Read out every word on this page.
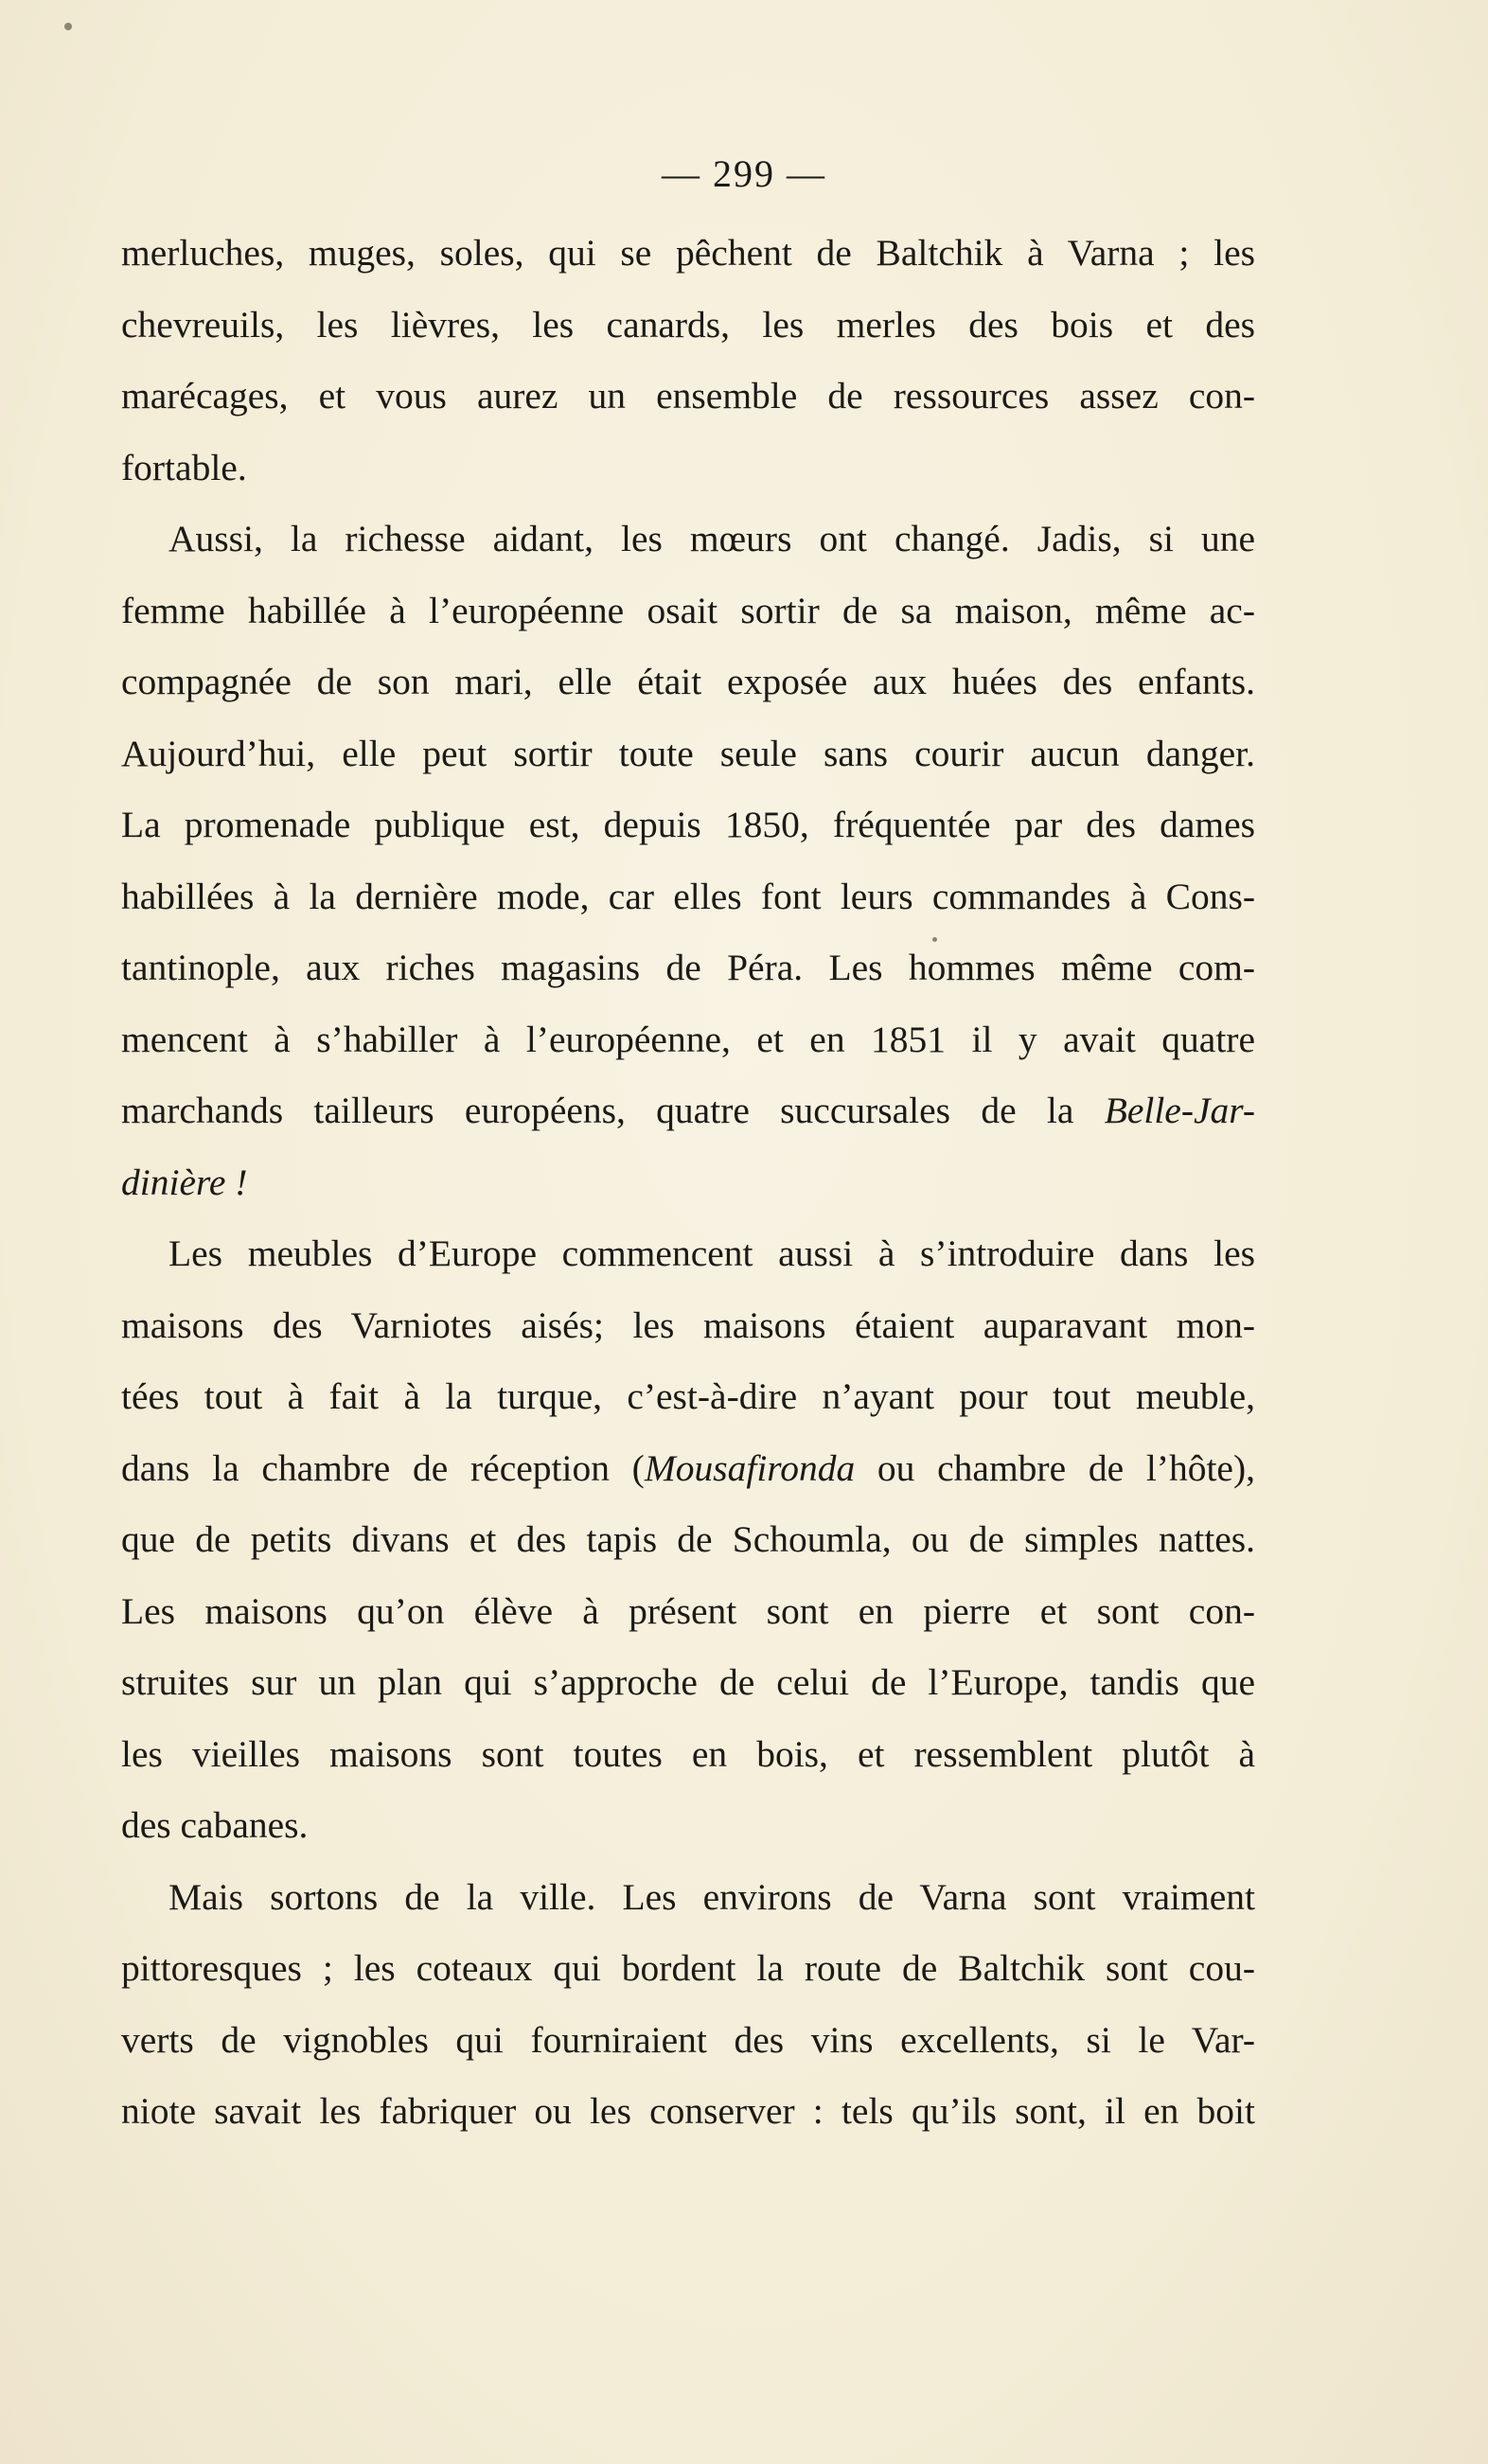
— 299 —
merluches, muges, soles, qui se pêchent de Baltchik à Varna ; les
chevreuils, les lièvres, les canards, les merles des bois et des
marécages, et vous aurez un ensemble de ressources assez con-
fortable.
Aussi, la richesse aidant, les mœurs ont changé. Jadis, si une
femme habillée à l’européenne osait sortir de sa maison, même ac-
compagnée de son mari, elle était exposée aux huées des enfants.
Aujourd’hui, elle peut sortir toute seule sans courir aucun danger.
La promenade publique est, depuis 1850, fréquentée par des dames
habillées à la dernière mode, car elles font leurs commandes à Cons-
tantinople, aux riches magasins de Péra. Les hommes même com-
mencent à s’habiller à l’européenne, et en 1851 il y avait quatre
marchands tailleurs européens, quatre succursales de la Belle-Jar-
dinière !
Les meubles d’Europe commencent aussi à s’introduire dans les
maisons des Varniotes aisés; les maisons étaient auparavant mon-
tées tout à fait à la turque, c’est-à-dire n’ayant pour tout meuble,
dans la chambre de réception (Mousafironda ou chambre de l’hôte),
que de petits divans et des tapis de Schoumla, ou de simples nattes.
Les maisons qu’on élève à présent sont en pierre et sont con-
struites sur un plan qui s’approche de celui de l’Europe, tandis que
les vieilles maisons sont toutes en bois, et ressemblent plutôt à
des cabanes.
Mais sortons de la ville. Les environs de Varna sont vraiment
pittoresques ; les coteaux qui bordent la route de Baltchik sont cou-
verts de vignobles qui fourniraient des vins excellents, si le Var-
niote savait les fabriquer ou les conserver : tels qu’ils sont, il en boit
